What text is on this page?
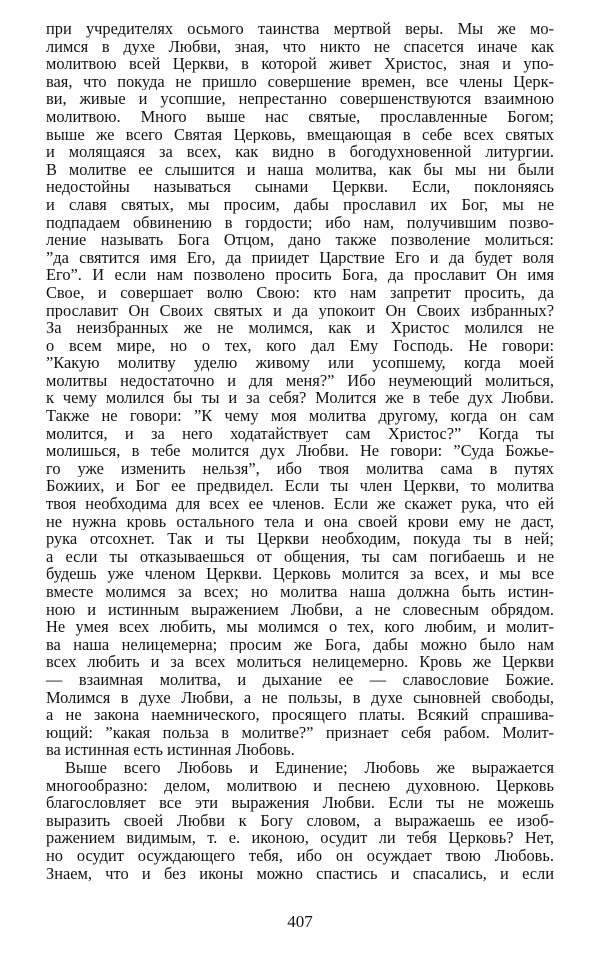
при учредителях осьмого таинства мертвой веры. Мы же мо-
лимся в духе Любви, зная, что никто не спасется иначе как
молитвою всей Церкви, в которой живет Христос, зная и упо-
вая, что покуда не пришло совершение времен, все члены Церк-
ви, живые и усопшие, непрестанно совершенствуются взаимною
молитвою. Много выше нас святые, прославленные Богом;
выше же всего Святая Церковь, вмещающая в себе всех святых
и молящаяся за всех, как видно в богодухновенной литургии.
В молитве ее слышится и наша молитва, как бы мы ни были
недостойны называться сынами Церкви. Если, поклоняясь
и славя святых, мы просим, дабы прославил их Бог, мы не
подпадаем обвинению в гордости; ибо нам, получившим позво-
ление называть Бога Отцом, дано также позволение молиться:
”да святится имя Его, да приидет Царствие Его и да будет воля
Его”. И если нам позволено просить Бога, да прославит Он имя
Свое, и совершает волю Свою: кто нам запретит просить, да
прославит Он Своих святых и да упокоит Он Своих избранных?
За неизбранных же не молимся, как и Христос молился не
о всем мире, но о тех, кого дал Ему Господь. Не говори:
”Какую молитву уделю живому или усопшему, когда моей
молитвы недостаточно и для меня?” Ибо неумеющий молиться,
к чему молился бы ты и за себя? Молится же в тебе дух Любви.
Также не говори: ”К чему моя молитва другому, когда он сам
молится, и за него ходатайствует сам Христос?” Когда ты
молишься, в тебе молится дух Любви. Не говори: ”Суда Божье-
го уже изменить нельзя”, ибо твоя молитва сама в путях
Божиих, и Бог ее предвидел. Если ты член Церкви, то молитва
твоя необходима для всех ее членов. Если же скажет рука, что ей
не нужна кровь остального тела и она своей крови ему не даст,
рука отсохнет. Так и ты Церкви необходим, покуда ты в ней;
а если ты отказываешься от общения, ты сам погибаешь и не
будешь уже членом Церкви. Церковь молится за всех, и мы все
вместе молимся за всех; но молитва наша должна быть истин-
ною и истинным выражением Любви, а не словесным обрядом.
Не умея всех любить, мы молимся о тех, кого любим, и молит-
ва наша нелицемерна; просим же Бога, дабы можно было нам
всех любить и за всех молиться нелицемерно. Кровь же Церкви
— взаимная молитва, и дыхание ее — славословие Божие.
Молимся в духе Любви, а не пользы, в духе сыновней свободы,
а не закона наемнического, просящего платы. Всякий спрашива-
ющий: ”какая польза в молитве?” признает себя рабом. Молит-
ва истинная есть истинная Любовь.
Выше всего Любовь и Единение; Любовь же выражается
многообразно: делом, молитвою и песнею духовною. Церковь
благословляет все эти выражения Любви. Если ты не можешь
выразить своей Любви к Богу словом, а выражаешь ее изоб-
ражением видимым, т. е. иконою, осудит ли тебя Церковь? Нет,
но осудит осуждающего тебя, ибо он осуждает твою Любовь.
Знаем, что и без иконы можно спастись и спасались, и если
407
